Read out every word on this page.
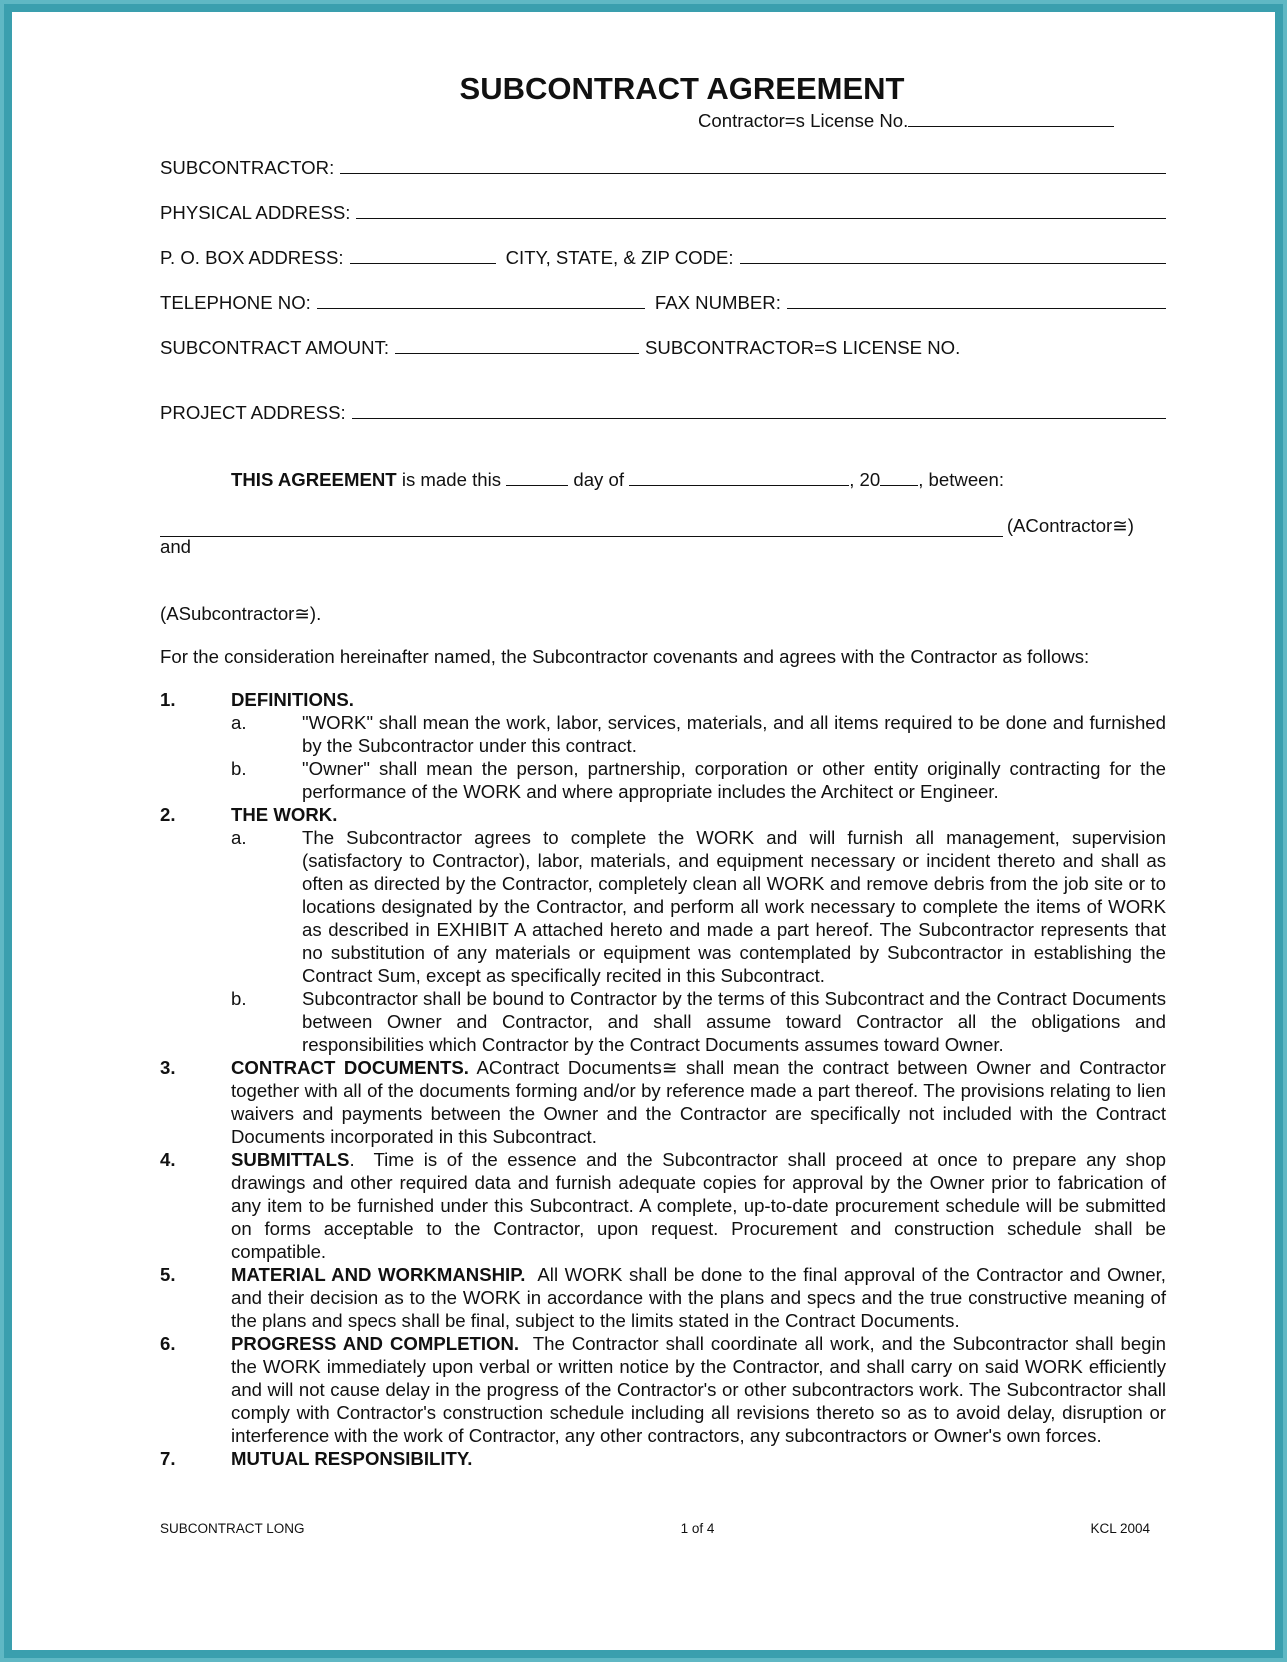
SUBCONTRACT AGREEMENT
Contractor=s License No.
SUBCONTRACTOR:
PHYSICAL ADDRESS:
P. O. BOX ADDRESS:	CITY, STATE, & ZIP CODE:
TELEPHONE NO:	FAX NUMBER:
SUBCONTRACT AMOUNT:	SUBCONTRACTOR=S LICENSE NO.
PROJECT ADDRESS:
THIS AGREEMENT is made this	day of	, 20 , between:
(AContractor≅)
and
(ASubcontractor≅).
For the consideration hereinafter named, the Subcontractor covenants and agrees with the Contractor as follows:
1.	DEFINITIONS.
a.	"WORK" shall mean the work, labor, services, materials, and all items required to be done and furnished by the Subcontractor under this contract.
b.	"Owner" shall mean the person, partnership, corporation or other entity originally contracting for the performance of the WORK and where appropriate includes the Architect or Engineer.
2.	THE WORK.
a.	The Subcontractor agrees to complete the WORK and will furnish all management, supervision (satisfactory to Contractor), labor, materials, and equipment necessary or incident thereto and shall as often as directed by the Contractor, completely clean all WORK and remove debris from the job site or to locations designated by the Contractor, and perform all work necessary to complete the items of WORK as described in EXHIBIT A attached hereto and made a part hereof. The Subcontractor represents that no substitution of any materials or equipment was contemplated by Subcontractor in establishing the Contract Sum, except as specifically recited in this Subcontract.
b.	Subcontractor shall be bound to Contractor by the terms of this Subcontract and the Contract Documents between Owner and Contractor, and shall assume toward Contractor all the obligations and responsibilities which Contractor by the Contract Documents assumes toward Owner.
3.	CONTRACT DOCUMENTS. AContract Documents≅ shall mean the contract between Owner and Contractor together with all of the documents forming and/or by reference made a part thereof. The provisions relating to lien waivers and payments between the Owner and the Contractor are specifically not included with the Contract Documents incorporated in this Subcontract.
4.	SUBMITTALS.  Time is of the essence and the Subcontractor shall proceed at once to prepare any shop drawings and other required data and furnish adequate copies for approval by the Owner prior to fabrication of any item to be furnished under this Subcontract. A complete, up-to-date procurement schedule will be submitted on forms acceptable to the Contractor, upon request. Procurement and construction schedule shall be compatible.
5.	MATERIAL AND WORKMANSHIP.  All WORK shall be done to the final approval of the Contractor and Owner, and their decision as to the WORK in accordance with the plans and specs and the true constructive meaning of the plans and specs shall be final, subject to the limits stated in the Contract Documents.
6.	PROGRESS AND COMPLETION.  The Contractor shall coordinate all work, and the Subcontractor shall begin the WORK immediately upon verbal or written notice by the Contractor, and shall carry on said WORK efficiently and will not cause delay in the progress of the Contractor's or other subcontractors work. The Subcontractor shall comply with Contractor's construction schedule including all revisions thereto so as to avoid delay, disruption or interference with the work of Contractor, any other contractors, any subcontractors or Owner's own forces.
7.	MUTUAL RESPONSIBILITY.
SUBCONTRACT LONG	1 of 4	KCL 2004
